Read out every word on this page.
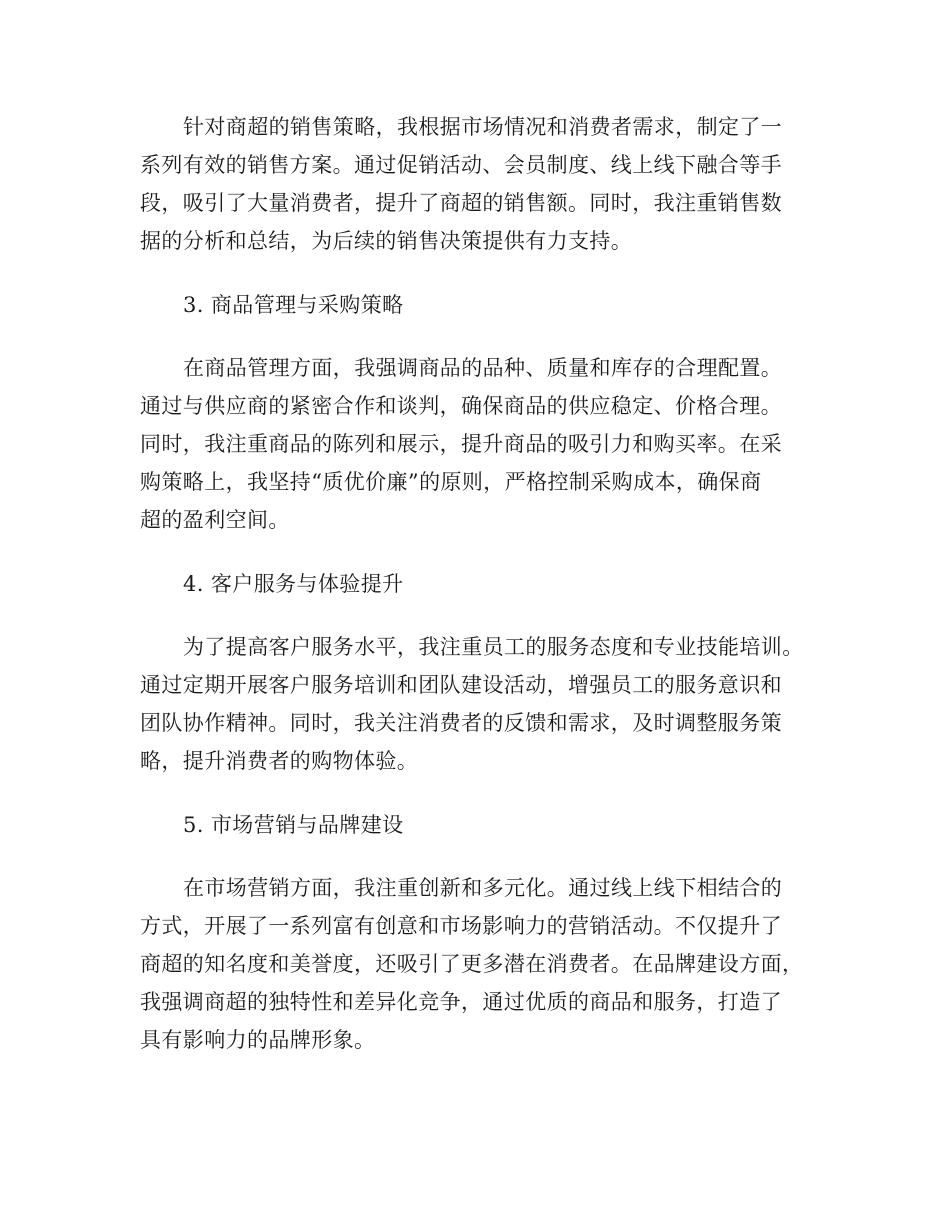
针对商超的销售策略，我根据市场情况和消费者需求，制定了一
系列有效的销售方案。通过促销活动、会员制度、线上线下融合等手
段，吸引了大量消费者，提升了商超的销售额。同时，我注重销售数
据的分析和总结，为后续的销售决策提供有力支持。
3. 商品管理与采购策略
在商品管理方面，我强调商品的品种、质量和库存的合理配置。
通过与供应商的紧密合作和谈判，确保商品的供应稳定、价格合理。
同时，我注重商品的陈列和展示，提升商品的吸引力和购买率。在采
购策略上，我坚持“质优价廉”的原则，严格控制采购成本，确保商
超的盈利空间。
4. 客户服务与体验提升
为了提高客户服务水平，我注重员工的服务态度和专业技能培训。
通过定期开展客户服务培训和团队建设活动，增强员工的服务意识和
团队协作精神。同时，我关注消费者的反馈和需求，及时调整服务策
略，提升消费者的购物体验。
5. 市场营销与品牌建设
在市场营销方面，我注重创新和多元化。通过线上线下相结合的
方式，开展了一系列富有创意和市场影响力的营销活动。不仅提升了
商超的知名度和美誉度，还吸引了更多潜在消费者。在品牌建设方面，
我强调商超的独特性和差异化竞争，通过优质的商品和服务，打造了
具有影响力的品牌形象。
